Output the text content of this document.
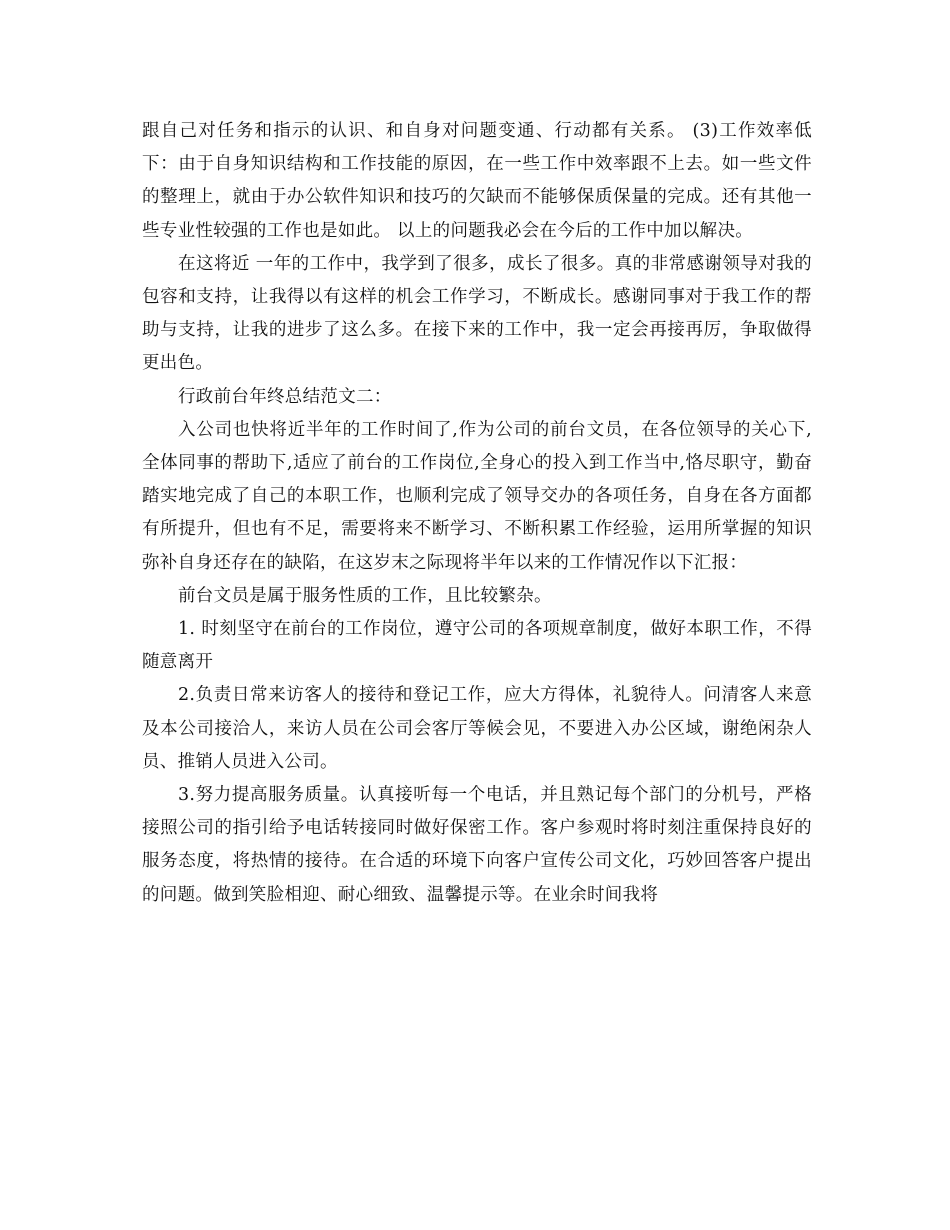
跟自己对任务和指示的认识、和自身对问题变通、行动都有关系。 (3)工作效率低下：由于自身知识结构和工作技能的原因，在一些工作中效率跟不上去。如一些文件的整理上，就由于办公软件知识和技巧的欠缺而不能够保质保量的完成。还有其他一些专业性较强的工作也是如此。 以上的问题我必会在今后的工作中加以解决。

在这将近 一年的工作中，我学到了很多，成长了很多。真的非常感谢领导对我的包容和支持，让我得以有这样的机会工作学习，不断成长。感谢同事对于我工作的帮助与支持，让我的进步了这么多。在接下来的工作中，我一定会再接再厉，争取做得更出色。

行政前台年终总结范文二：

入公司也快将近半年的工作时间了,作为公司的前台文员，在各位领导的关心下,全体同事的帮助下,适应了前台的工作岗位,全身心的投入到工作当中,恪尽职守，勤奋踏实地完成了自己的本职工作，也顺利完成了领导交办的各项任务，自身在各方面都有所提升，但也有不足，需要将来不断学习、不断积累工作经验，运用所掌握的知识弥补自身还存在的缺陷，在这岁末之际现将半年以来的工作情况作以下汇报：

前台文员是属于服务性质的工作，且比较繁杂。

1. 时刻坚守在前台的工作岗位，遵守公司的各项规章制度，做好本职工作，不得随意离开

2.负责日常来访客人的接待和登记工作，应大方得体，礼貌待人。问清客人来意及本公司接洽人，来访人员在公司会客厅等候会见，不要进入办公区域，谢绝闲杂人员、推销人员进入公司。

3.努力提高服务质量。认真接听每一个电话，并且熟记每个部门的分机号，严格接照公司的指引给予电话转接同时做好保密工作。客户参观时将时刻注重保持良好的服务态度，将热情的接待。在合适的环境下向客户宣传公司文化，巧妙回答客户提出的问题。做到笑脸相迎、耐心细致、温馨提示等。在业余时间我将
